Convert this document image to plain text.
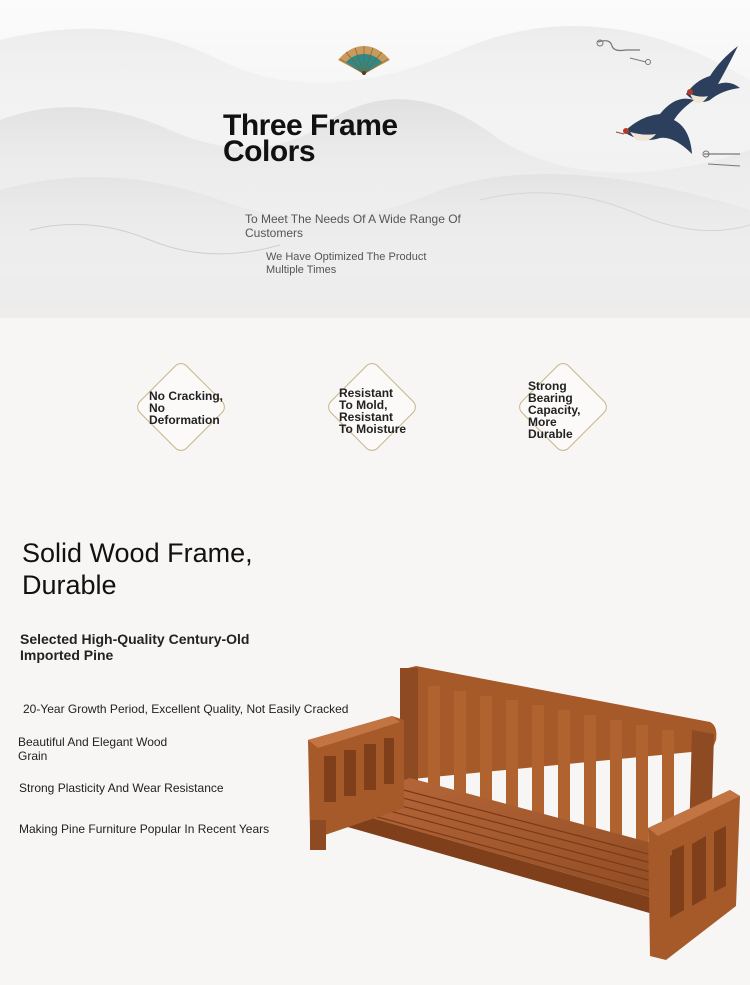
Three Frame
Colors
To Meet The Needs Of A Wide Range Of Customers
We Have Optimized The Product Multiple Times
No Cracking,
No
Deformation
Resistant
To Mold,
Resistant
To Moisture
Strong
Bearing
Capacity,
More
Durable
Solid Wood Frame,
Durable
Selected High-Quality Century-Old Imported Pine
20-Year Growth Period, Excellent Quality, Not Easily Cracked
Beautiful And Elegant Wood Grain
Strong Plasticity And Wear Resistance
Making Pine Furniture Popular In Recent Years
